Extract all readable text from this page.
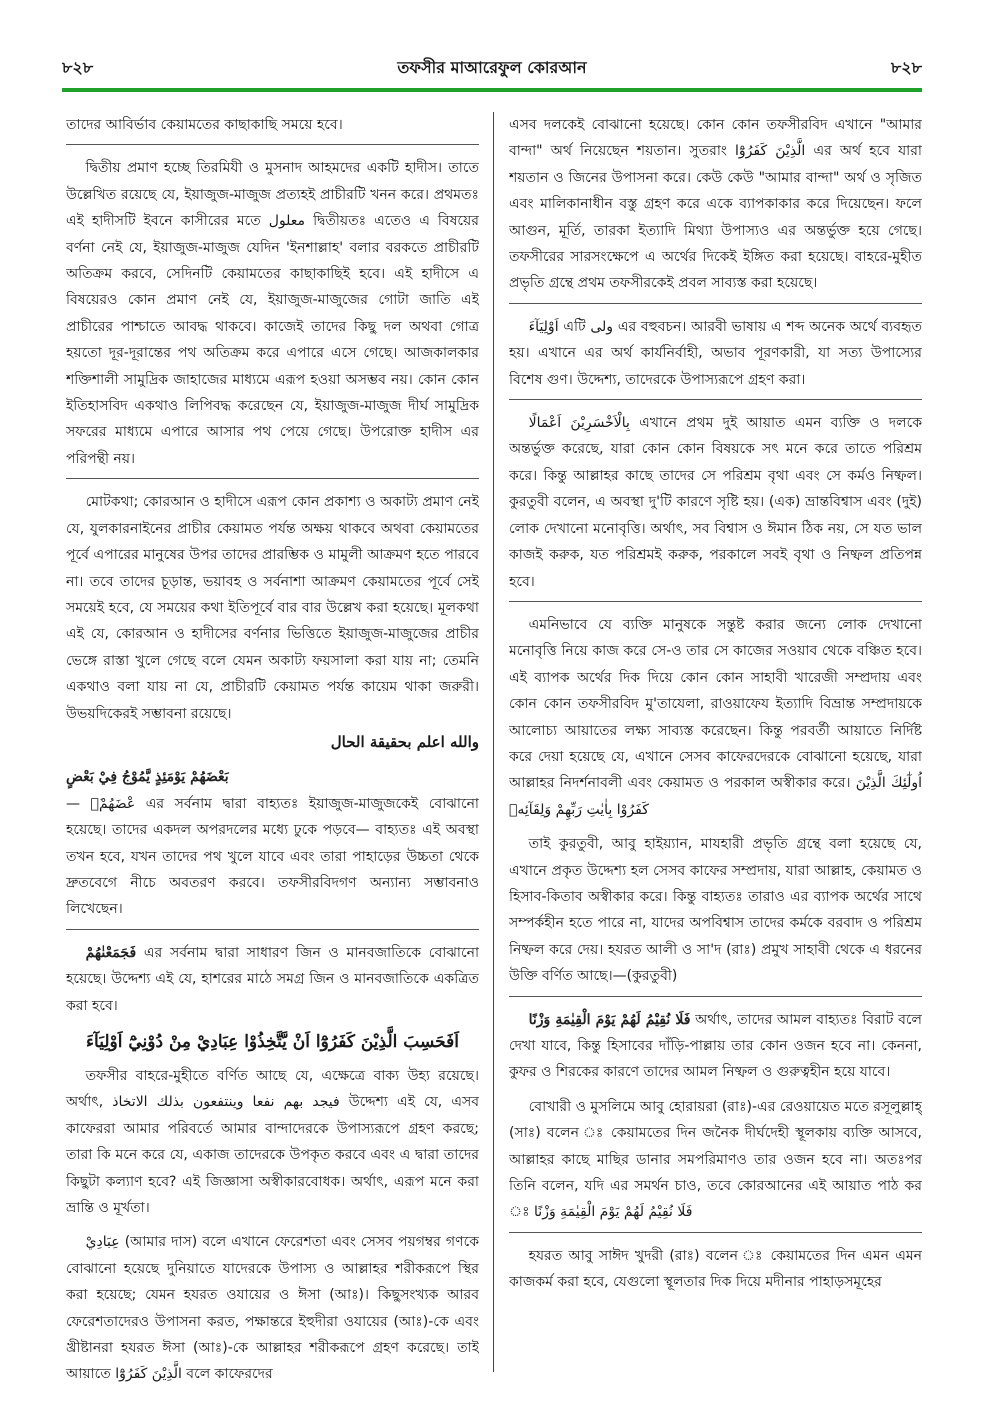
৮২৮	তফসীর মাআরেফুল কোরআন	৮২৮

তাদের আবির্ভাব কেয়ামতের কাছাকাছি সময়ে হবে।

দ্বিতীয় প্রমাণ হচ্ছে তিরমিযী ও মুসনাদ আহমদের একটি হাদীস। তাতে উল্লেখিত রয়েছে যে, ইয়াজুজ-মাজুজ প্রত্যহই প্রাচীরটি খনন করে। প্রথমতঃ এই হাদীসটি ইবনে কাসীরের মতে معلول দ্বিতীয়তঃ এতেও এ বিষয়ের বর্ণনা নেই যে, ইয়াজুজ-মাজুজ যেদিন 'ইনশাল্লাহ' বলার বরকতে প্রাচীরটি অতিক্রম করবে, সেদিনটি কেয়ামতের কাছাকাছিই হবে। এই হাদীসে এ বিষয়েরও কোন প্রমাণ নেই যে, ইয়াজুজ-মাজুজের গোটা জাতি এই প্রাচীরের পাশ্চাতে আবদ্ধ থাকবে। কাজেই তাদের কিছু দল অথবা গোত্র হয়তো দূর-দূরান্তের পথ অতিক্রম করে এপারে এসে গেছে। আজকালকার শক্তিশালী সামুদ্রিক জাহাজের মাধ্যমে এরূপ হওয়া অসম্ভব নয়। কোন কোন ইতিহাসবিদ একথাও লিপিবদ্ধ করেছেন যে, ইয়াজুজ-মাজুজ দীর্ঘ সামুদ্রিক সফরের মাধ্যমে এপারে আসার পথ পেয়ে গেছে। উপরোক্ত হাদীস এর পরিপন্থী নয়।

মোটকথা; কোরআন ও হাদীসে এরূপ কোন প্রকাশ্য ও অকাট্য প্রমাণ নেই যে, যুলকারনাইনের প্রাচীর কেয়ামত পর্যন্ত অক্ষয় থাকবে অথবা কেয়ামতের পূর্বে এপারের মানুষের উপর তাদের প্রারম্ভিক ও মামুলী আক্রমণ হতে পারবে না। তবে তাদের চূড়ান্ত, ভয়াবহ ও সর্বনাশা আক্রমণ কেয়ামতের পূর্বে সেই সময়েই হবে, যে সময়ের কথা ইতিপূর্বে বার বার উল্লেখ করা হয়েছে। মূলকথা এই যে, কোরআন ও হাদীসের বর্ণনার ভিত্তিতে ইয়াজুজ-মাজুজের প্রাচীর ভেঙ্গে রাস্তা খুলে গেছে বলে যেমন অকাট্য ফয়সালা করা যায় না; তেমনি একথাও বলা যায় না যে, প্রাচীরটি কেয়ামত পর্যন্ত কায়েম থাকা জরুরী। উভয়দিকেরই সম্ভাবনা রয়েছে।

والله اعلم بحقيقة الحال

بَعْضَهُمْ يَوْمَئِذٍ يَّمُوْجُ فِيْ بَعْضٍ

— বَعْضَهُمْ এর সর্বনাম দ্বারা বাহ্যতঃ ইয়াজুজ-মাজুজকেই বোঝানো হয়েছে। তাদের একদল অপরদলের মধ্যে ঢুকে পড়বে— বাহ্যতঃ এই অবস্থা তখন হবে, যখন তাদের পথ খুলে যাবে এবং তারা পাহাড়ের উচ্চতা থেকে দ্রুতবেগে নীচে অবতরণ করবে। তফসীরবিদগণ অন্যান্য সম্ভাবনাও লিখেছেন।

فَجَمَعْنٰهُمْ এর সর্বনাম দ্বারা সাধারণ জিন ও মানবজাতিকে বোঝানো হয়েছে। উদ্দেশ্য এই যে, হাশরের মাঠে সমগ্র জিন ও মানবজাতিকে একত্রিত করা হবে।

اَفَحَسِبَ الَّذِيْنَ كَفَرُوْٓا اَنْ يَّتَّخِذُوْا عِبَادِيْ مِنْ دُوْنِيْٓ اَوْلِيَآءَ

তফসীর বাহরে-মুহীতে বর্ণিত আছে যে, এক্ষেত্রে বাক্য উহ্য রয়েছে। অর্থাৎ, فيجد بهم نفعا وينتفعون بذلك الاتخاذ উদ্দেশ্য এই যে, এসব কাফেররা আমার পরিবর্তে আমার বান্দাদেরকে উপাস্যরূপে গ্রহণ করছে; তারা কি মনে করে যে, একাজ তাদেরকে উপকৃত করবে এবং এ দ্বারা তাদের কিছুটা কল্যাণ হবে? এই জিজ্ঞাসা অস্বীকারবোধক। অর্থাৎ, এরূপ মনে করা ভ্রান্তি ও মূর্খতা।

عِبَادِيْ (আমার দাস) বলে এখানে ফেরেশতা এবং সেসব পয়গম্বর গণকে বোঝানো হয়েছে দুনিয়াতে যাদেরকে উপাস্য ও আল্লাহর শরীকরূপে স্থির করা হয়েছে; যেমন হযরত ওযায়ের ও ঈসা (আঃ)। কিছুসংখ্যক আরব ফেরেশতাদেরও উপাসনা করত, পক্ষান্তরে ইহুদীরা ওযায়ের (আঃ)-কে এবং খ্রীষ্টানরা হযরত ঈসা (আঃ)-কে আল্লাহর শরীকরূপে গ্রহণ করেছে। তাই আয়াতে الَّذِيْنَ كَفَرُوْٓا বলে কাফেরদের

এসব দলকেই বোঝানো হয়েছে। কোন কোন তফসীরবিদ এখানে "আমার বান্দা" অর্থ নিয়েছেন শয়তান। সুতরাং الَّذِيْنَ كَفَرُوْٓا এর অর্থ হবে যারা শয়তান ও জিনের উপাসনা করে। কেউ কেউ "আমার বান্দা" অর্থ ও সৃজিত এবং মালিকানাধীন বস্তু গ্রহণ করে একে ব্যাপকাকার করে দিয়েছেন। ফলে আগুন, মূর্তি, তারকা ইত্যাদি মিথ্যা উপাস্যও এর অন্তর্ভুক্ত হয়ে গেছে। তফসীরের সারসংক্ষেপে এ অর্থের দিকেই ইঙ্গিত করা হয়েছে। বাহরে-মুহীত প্রভৃতি গ্রন্থে প্রথম তফসীরকেই প্রবল সাব্যস্ত করা হয়েছে।

اَوْلِيَآءَ এটি ولى এর বহুবচন। আরবী ভাষায় এ শব্দ অনেক অর্থে ব্যবহৃত হয়। এখানে এর অর্থ কার্যনির্বাহী, অভাব পূরণকারী, যা সত্য উপাস্যের বিশেষ গুণ। উদ্দেশ্য, তাদেরকে উপাস্যরূপে গ্রহণ করা।

بِالْاَخْسَرِيْنَ اَعْمَالًا এখানে প্রথম দুই আয়াত এমন ব্যক্তি ও দলকে অন্তর্ভুক্ত করেছে, যারা কোন কোন বিষয়কে সৎ মনে করে তাতে পরিশ্রম করে। কিন্তু আল্লাহর কাছে তাদের সে পরিশ্রম বৃথা এবং সে কর্মও নিষ্ফল। কুরতুবী বলেন, এ অবস্থা দু'টি কারণে সৃষ্টি হয়। (এক) ভ্রান্তবিশ্বাস এবং (দুই) লোক দেখানো মনোবৃত্তি। অর্থাৎ, সব বিশ্বাস ও ঈমান ঠিক নয়, সে যত ভাল কাজই করুক, যত পরিশ্রমই করুক, পরকালে সবই বৃথা ও নিষ্ফল প্রতিপন্ন হবে।

এমনিভাবে যে ব্যক্তি মানুষকে সন্তুষ্ট করার জন্যে লোক দেখানো মনোবৃত্তি নিয়ে কাজ করে সে-ও তার সে কাজের সওয়াব থেকে বঞ্চিত হবে। এই ব্যাপক অর্থের দিক দিয়ে কোন কোন সাহাবী খারেজী সম্প্রদায় এবং কোন কোন তফসীরবিদ মু'তাযেলা, রাওয়াফেয ইত্যাদি বিভ্রান্ত সম্প্রদায়কে আলোচ্য আয়াতের লক্ষ্য সাব্যস্ত করেছেন। কিন্তু পরবর্তী আয়াতে নির্দিষ্ট করে দেয়া হয়েছে যে, এখানে সেসব কাফেরদেরকে বোঝানো হয়েছে, যারা আল্লাহর নিদর্শনাবলী এবং কেয়ামত ও পরকাল অস্বীকার করে। اُولٰٓئِكَ الَّذِيْنَ كَفَرُوْا بِاٰيٰتِ رَبِّهِمْ وَلِقَآئِهٖ

তাই কুরতুবী, আবু হাইয়্যান, মাযহারী প্রভৃতি গ্রন্থে বলা হয়েছে যে, এখানে প্রকৃত উদ্দেশ্য হল সেসব কাফের সম্প্রদায়, যারা আল্লাহ, কেয়ামত ও হিসাব-কিতাব অস্বীকার করে। কিন্তু বাহ্যতঃ তারাও এর ব্যাপক অর্থের সাথে সম্পর্কহীন হতে পারে না, যাদের অপবিশ্বাস তাদের কর্মকে বরবাদ ও পরিশ্রম নিষ্ফল করে দেয়। হযরত আলী ও সা'দ (রাঃ) প্রমুখ সাহাবী থেকে এ ধরনের উক্তি বর্ণিত আছে।—(কুরতুবী)

فَلَا نُقِيْمُ لَهُمْ يَوْمَ الْقِيٰمَةِ وَزْنًا অর্থাৎ, তাদের আমল বাহ্যতঃ বিরাট বলে দেখা যাবে, কিন্তু হিসাবের দাঁড়ি-পাল্লায় তার কোন ওজন হবে না। কেননা, কুফর ও শিরকের কারণে তাদের আমল নিষ্ফল ও গুরুত্বহীন হয়ে যাবে।

বোখারী ও মুসলিমে আবু হোরায়রা (রাঃ)-এর রেওয়ায়েত মতে রসূলুল্লাহ্ (সাঃ) বলেন ঃ কেয়ামতের দিন জনৈক দীর্ঘদেহী স্থূলকায় ব্যক্তি আসবে, আল্লাহর কাছে মাছির ডানার সমপরিমাণও তার ওজন হবে না। অতঃপর তিনি বলেন, যদি এর সমর্থন চাও, তবে কোরআনের এই আয়াত পাঠ কর ঃ فَلَا نُقِيْمُ لَهُمْ يَوْمَ الْقِيٰمَةِ وَزْنًا

হযরত আবু সাঈদ খুদরী (রাঃ) বলেন ঃ কেয়ামতের দিন এমন এমন কাজকর্ম করা হবে, যেগুলো স্থূলতার দিক দিয়ে মদীনার পাহাড়সমূহের
